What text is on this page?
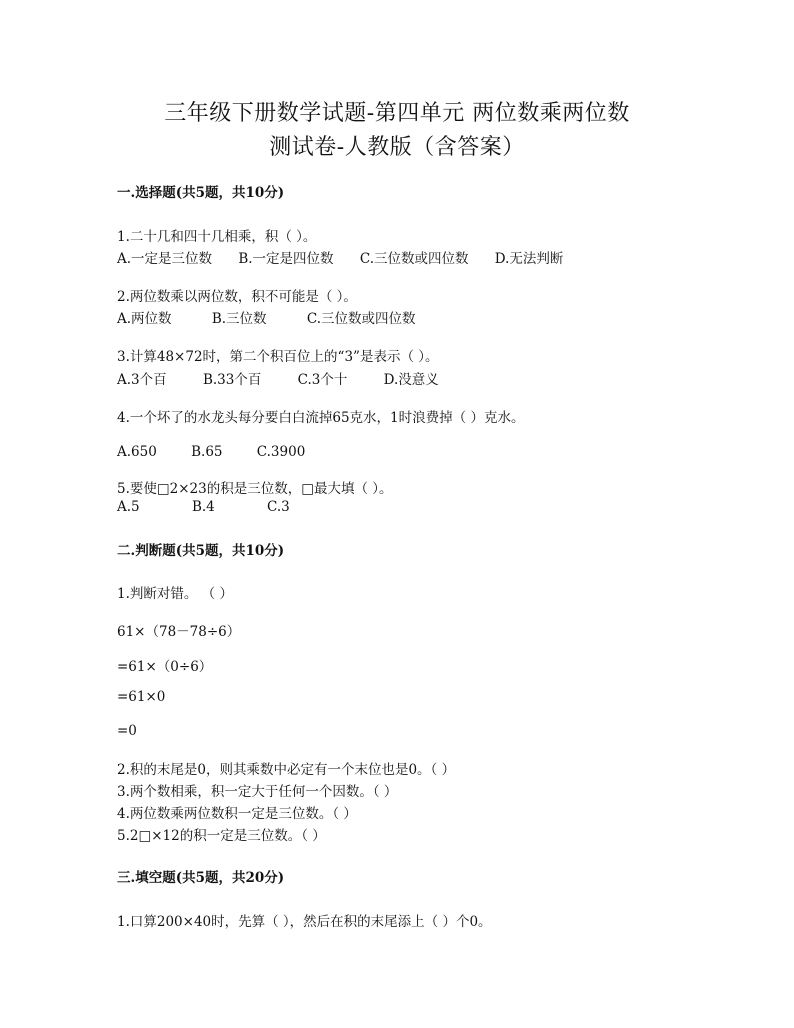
三年级下册数学试题-第四单元 两位数乘两位数
测试卷-人教版（含答案）
一.选择题(共5题，共10分)
1.二十几和四十几相乘，积（ ）。
A.一定是三位数 B.一定是四位数 C.三位数或四位数 D.无法判断
2.两位数乘以两位数，积不可能是（ ）。
A.两位数	B.三位数	C.三位数或四位数
3.计算48×72时，第二个积百位上的“3”是表示（ ）。
A.3个百	B.33个百	C.3个十	D.没意义
4.一个坏了的水龙头每分要白白流掉65克水，1时浪费掉（ ）克水。
A.650	B.65	C.3900
5.要使□2×23的积是三位数，□最大填（ ）。
A.5	B.4	C.3
二.判断题(共5题，共10分)
1.判断对错。 （ ）
61×（78－78÷6）
=61×（0÷6）
=61×0
=0
2.积的末尾是0，则其乘数中必定有一个末位也是0。（ ）
3.两个数相乘，积一定大于任何一个因数。（ ）
4.两位数乘两位数积一定是三位数。（ ）
5.2□×12的积一定是三位数。（ ）
三.填空题(共5题，共20分)
1.口算200×40时，先算（ ），然后在积的末尾添上（ ）个0。
